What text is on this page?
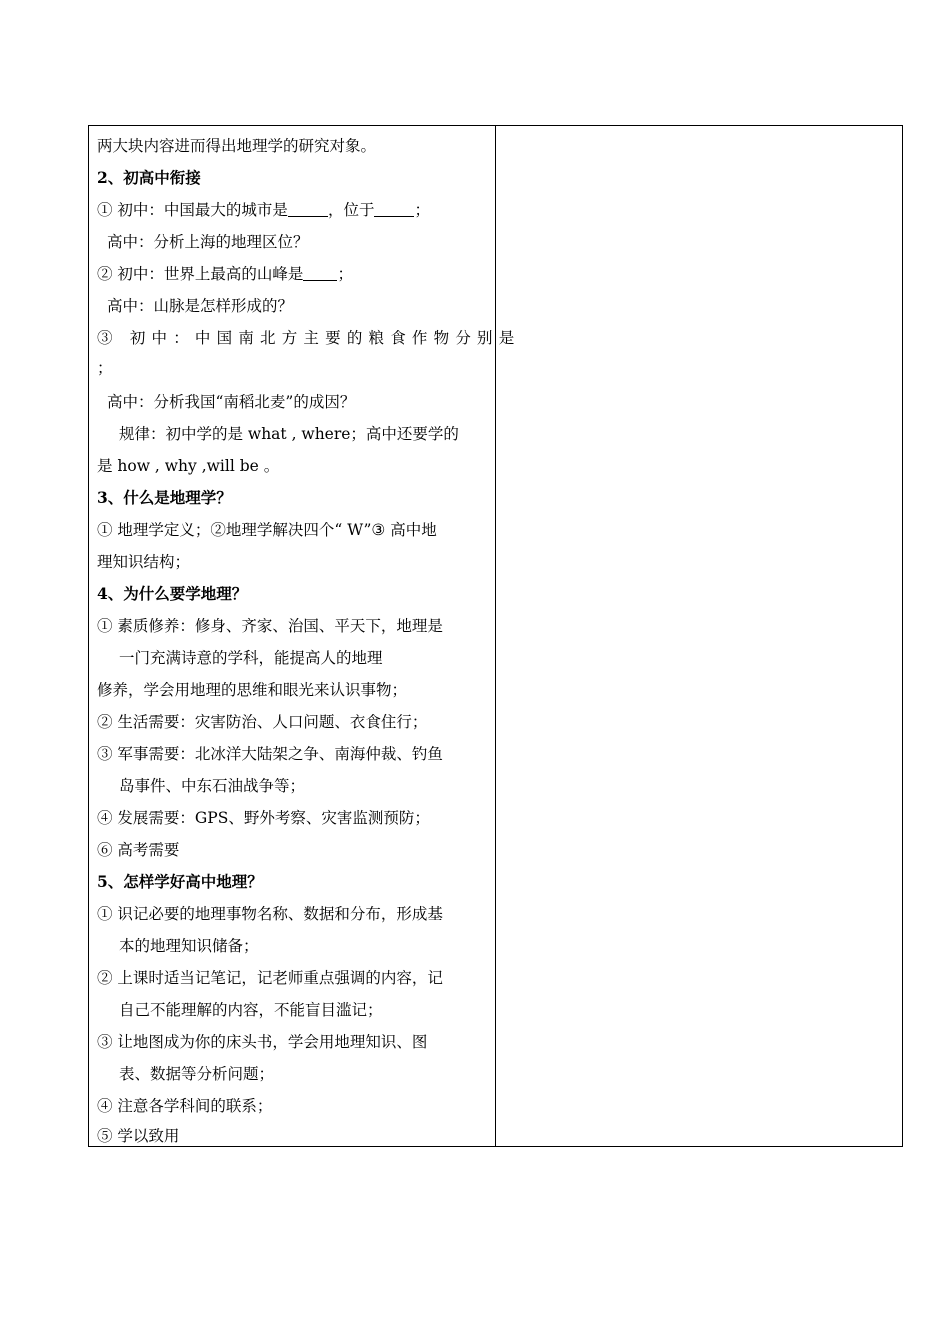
两大块内容进而得出地理学的研究对象。
2、初高中衔接
① 初中：中国最大的城市是	，位于	；
高中：分析上海的地理区位？
② 初中：世界上最高的山峰是 ；
高中：山脉是怎样形成的？
③ 初中：中国南北方主要的粮食作物分别是
；
高中：分析我国“南稻北麦”的成因？
规律：初中学的是 what , where；高中还要学的
是 how , why ,will be 。
3、什么是地理学？
① 地理学定义；②地理学解决四个“ W”③ 高中地
理知识结构；
4、为什么要学地理？
① 素质修养：修身、齐家、治国、平天下，地理是
一门充满诗意的学科，能提高人的地理
修养，学会用地理的思维和眼光来认识事物；
② 生活需要：灾害防治、人口问题、衣食住行；
③ 军事需要：北冰洋大陆架之争、南海仲裁、钓鱼
岛事件、中东石油战争等；
④ 发展需要：GPS、野外考察、灾害监测预防；
⑥ 高考需要
5、怎样学好高中地理？
① 识记必要的地理事物名称、数据和分布，形成基
本的地理知识储备；
② 上课时适当记笔记，记老师重点强调的内容，记
自己不能理解的内容，不能盲目滥记；
③ 让地图成为你的床头书，学会用地理知识、图
表、数据等分析问题；
④ 注意各学科间的联系；
⑤ 学以致用
